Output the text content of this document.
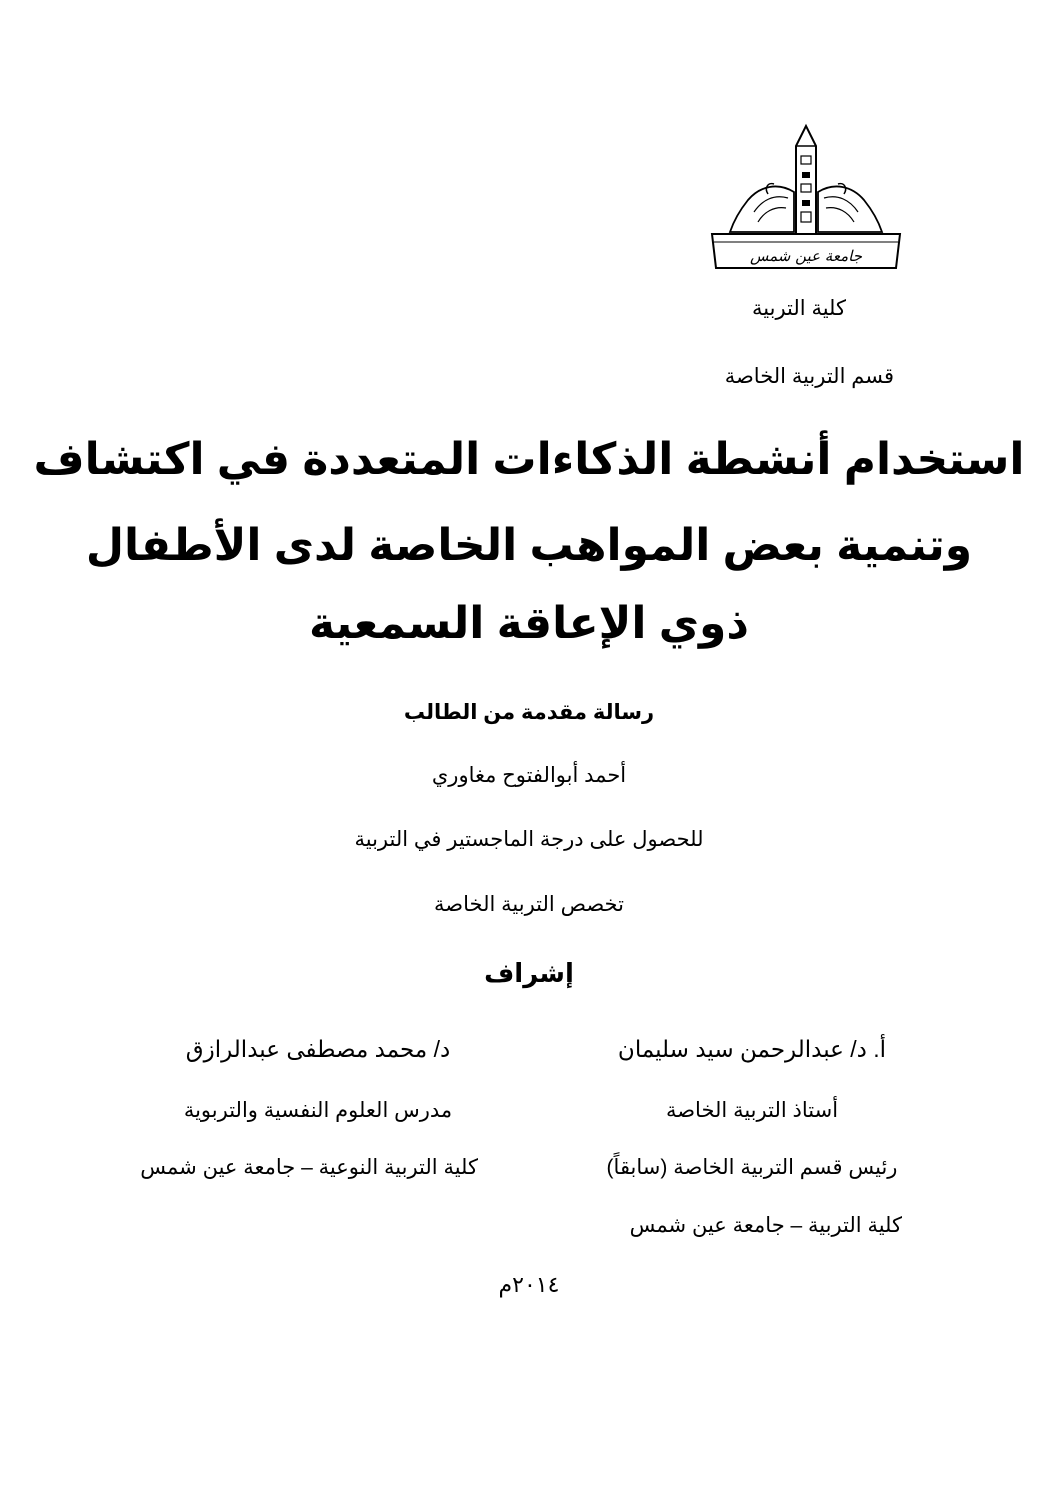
جامعة عين شمس
كلية التربية
قسم التربية الخاصة
استخدام أنشطة الذكاءات المتعددة في اكتشاف
وتنمية بعض المواهب الخاصة لدى الأطفال
ذوي الإعاقة السمعية
رسالة مقدمة من الطالب
أحمد أبوالفتوح مغاوري
للحصول على درجة الماجستير في التربية
تخصص التربية الخاصة
إشراف
أ. د/ عبدالرحمن سيد سليمان
أستاذ التربية الخاصة
رئيس قسم التربية الخاصة (سابقاً)
كلية التربية – جامعة عين شمس
د/ محمد مصطفى عبدالرازق
مدرس العلوم النفسية والتربوية
كلية التربية النوعية – جامعة عين شمس
٢٠١٤م
